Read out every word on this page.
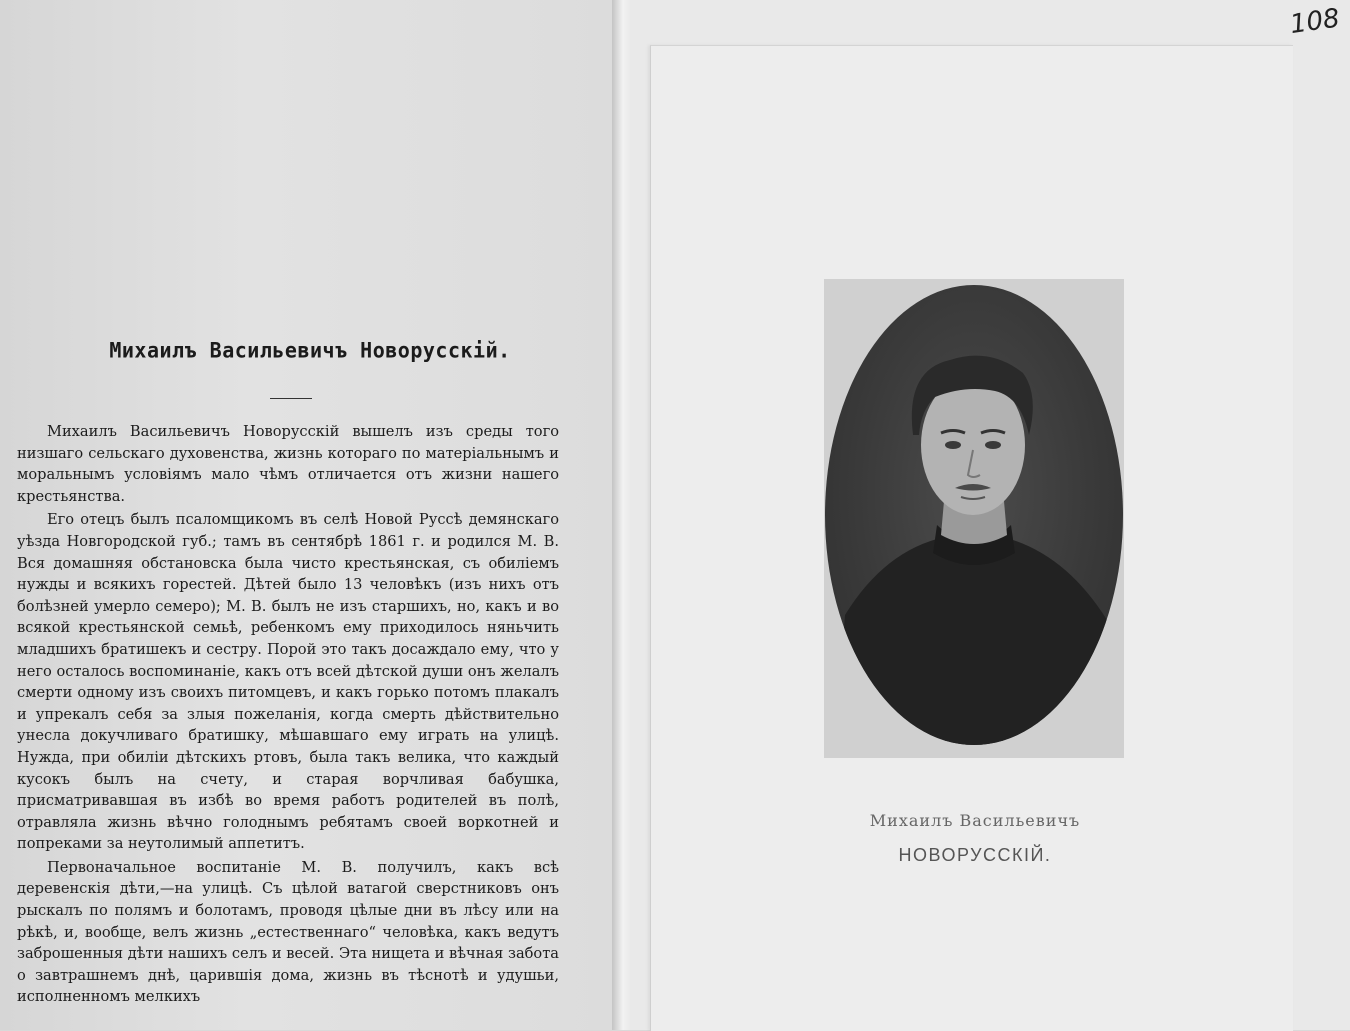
Михаилъ Васильевичъ Новорусскій.

Михаилъ Васильевичъ Новорусскій вышелъ изъ среды того низшаго сельскаго духовенства, жизнь котораго по матеріальнымъ и моральнымъ условіямъ мало чѣмъ отличается отъ жизни нашего крестьянства.

Его отецъ былъ псаломщикомъ въ селѣ Новой Руссѣ демянскаго уѣзда Новгородской губ.; тамъ въ сентябрѣ 1861 г. и родился М. В. Вся домашняя обстановска была чисто крестьянская, съ обиліемъ нужды и всякихъ горестей. Дѣтей было 13 человѣкъ (изъ нихъ отъ болѣзней умерло семеро); М. В. былъ не изъ старшихъ, но, какъ и во всякой крестьянской семьѣ, ребенкомъ ему приходилось няньчить младшихъ братишекъ и сестру. Порой это такъ досаждало ему, что у него осталось воспоминаніе, какъ отъ всей дѣтской души онъ желалъ смерти одному изъ своихъ питомцевъ, и какъ горько потомъ плакалъ и упрекалъ себя за злыя пожеланія, когда смерть дѣйствительно унесла докучливаго братишку, мѣшавшаго ему играть на улицѣ. Нужда, при обиліи дѣтскихъ ртовъ, была такъ велика, что каждый кусокъ былъ на счету, и старая ворчливая бабушка, присматривавшая въ избѣ во время работъ родителей въ полѣ, отравляла жизнь вѣчно голоднымъ ребятамъ своей воркотней и попреками за неутолимый аппетитъ.

Первоначальное воспитаніе М. В. получилъ, какъ всѣ деревенскія дѣти,—на улицѣ. Съ цѣлой ватагой сверстниковъ онъ рыскалъ по полямъ и болотамъ, проводя цѣлые дни въ лѣсу или на рѣкѣ, и, вообще, велъ жизнь „естественнаго“ человѣка, какъ ведутъ заброшенныя дѣти нашихъ селъ и весей. Эта нищета и вѣчная забота о завтрашнемъ днѣ, царившія дома, жизнь въ тѣснотѣ и удушьи, исполненномъ мелкихъ

Михаилъ Васильевичъ
НОВОРУССКІЙ.
108
